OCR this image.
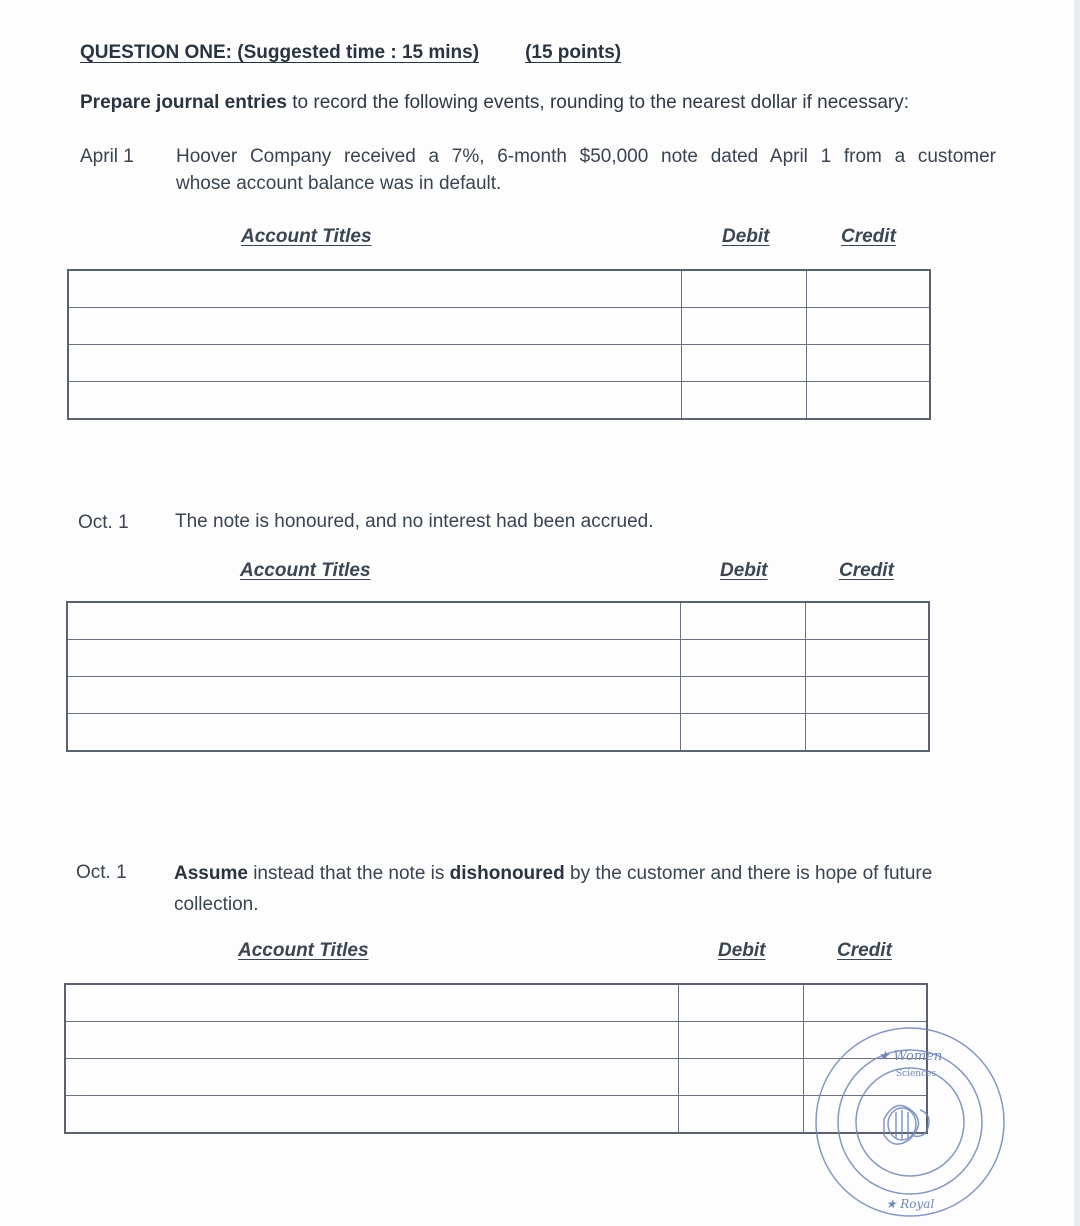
QUESTION ONE: (Suggested time : 15 mins) (15 points)
Prepare journal entries to record the following events, rounding to the nearest dollar if necessary:
April 1 Hoover Company received a 7%, 6-month $50,000 note dated April 1 from a customer
whose account balance was in default.
Account Titles	Debit	Credit

Oct. 1 The note is honoured, and no interest had been accrued.
Account Titles	Debit	Credit

Oct. 1 Assume instead that the note is dishonoured by the customer and there is hope of future
collection.
Account Titles	Debit	Credit

★ Women
★ Royal
Sciences
